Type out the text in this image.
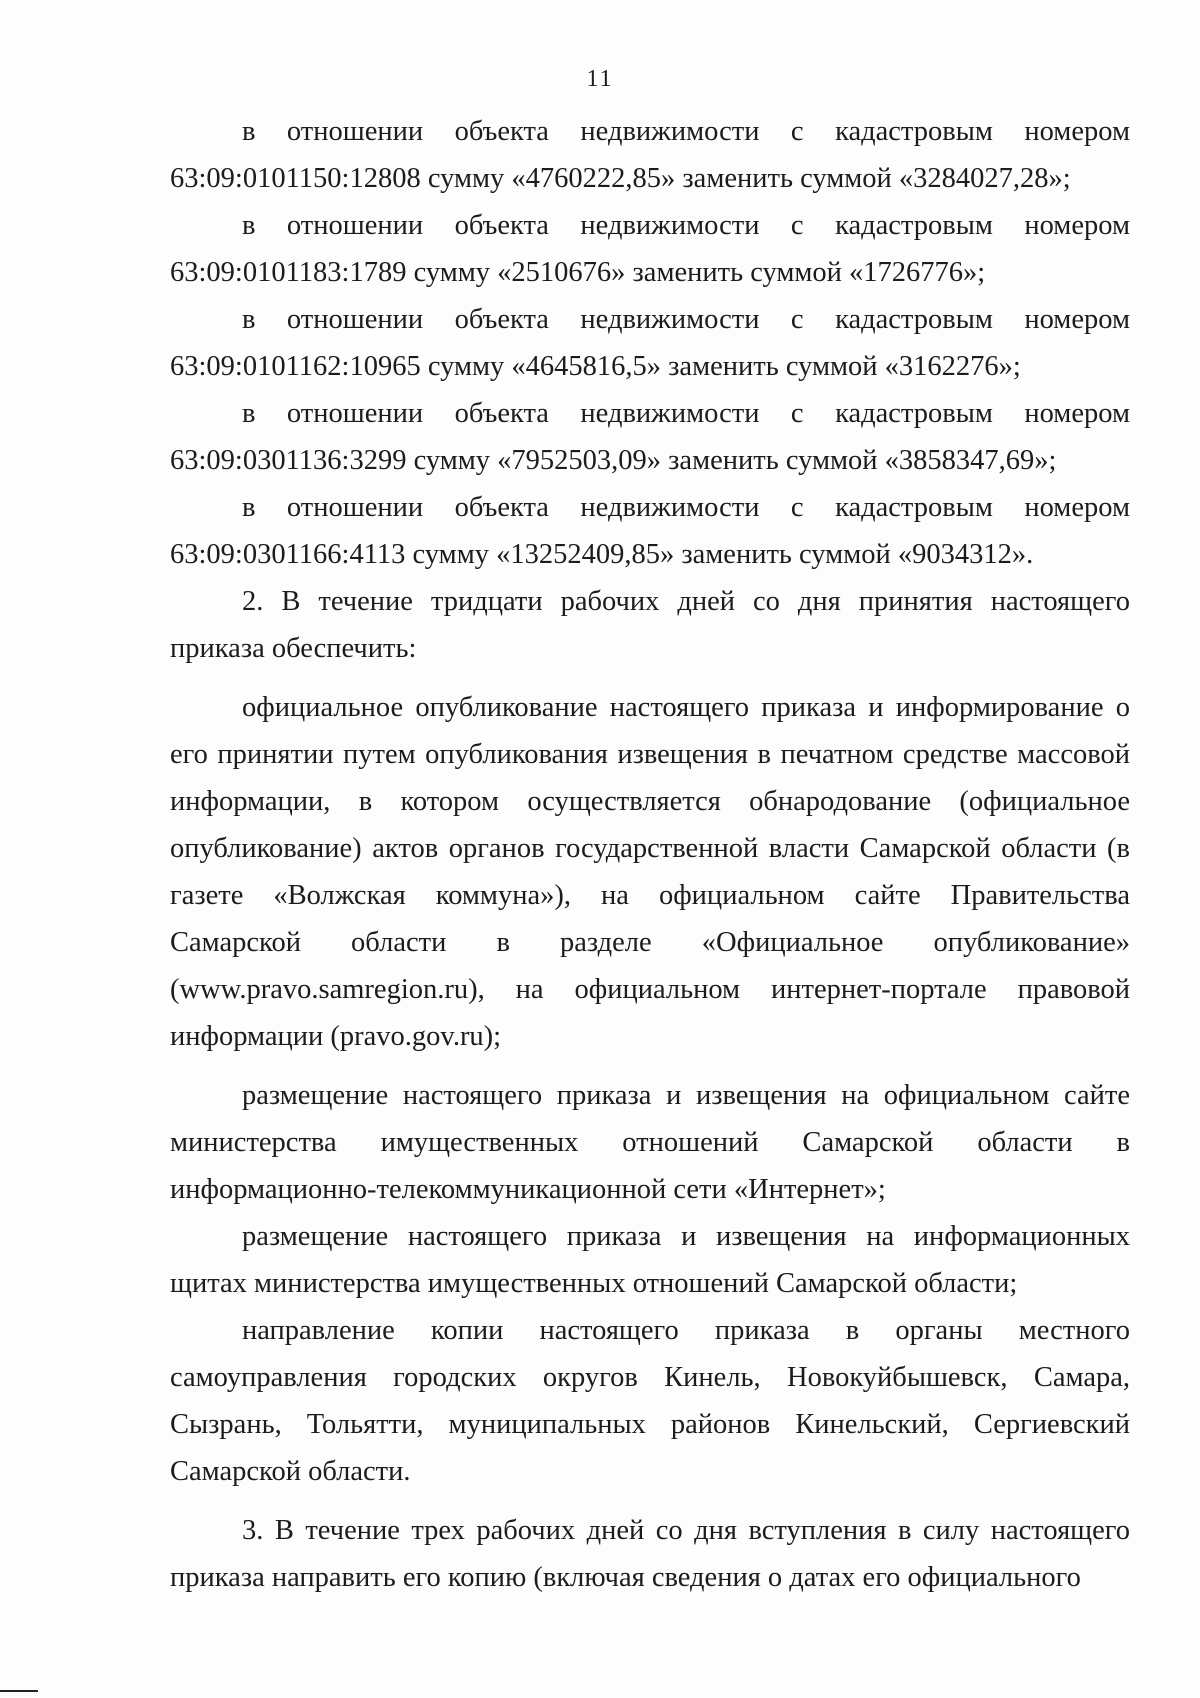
11

в отношении объекта недвижимости с кадастровым номером 63:09:0101150:12808 сумму «4760222,85» заменить суммой «3284027,28»;

в отношении объекта недвижимости с кадастровым номером 63:09:0101183:1789 сумму «2510676» заменить суммой «1726776»;

в отношении объекта недвижимости с кадастровым номером 63:09:0101162:10965 сумму «4645816,5» заменить суммой «3162276»;

в отношении объекта недвижимости с кадастровым номером 63:09:0301136:3299 сумму «7952503,09» заменить суммой «3858347,69»;

в отношении объекта недвижимости с кадастровым номером 63:09:0301166:4113 сумму «13252409,85» заменить суммой «9034312».

2. В течение тридцати рабочих дней со дня принятия настоящего приказа обеспечить:

официальное опубликование настоящего приказа и информирование о его принятии путем опубликования извещения в печатном средстве массовой информации, в котором осуществляется обнародование (официальное опубликование) актов органов государственной власти Самарской области (в газете «Волжская коммуна»), на официальном сайте Правительства Самарской области в разделе «Официальное опубликование» (www.pravo.samregion.ru), на официальном интернет-портале правовой информации (pravo.gov.ru);

размещение настоящего приказа и извещения на официальном сайте министерства имущественных отношений Самарской области в информационно-телекоммуникационной сети «Интернет»;

размещение настоящего приказа и извещения на информационных щитах министерства имущественных отношений Самарской области;

направление копии настоящего приказа в органы местного самоуправления городских округов Кинель, Новокуйбышевск, Самара, Сызрань, Тольятти, муниципальных районов Кинельский, Сергиевский Самарской области.

3. В течение трех рабочих дней со дня вступления в силу настоящего приказа направить его копию (включая сведения о датах его официального
